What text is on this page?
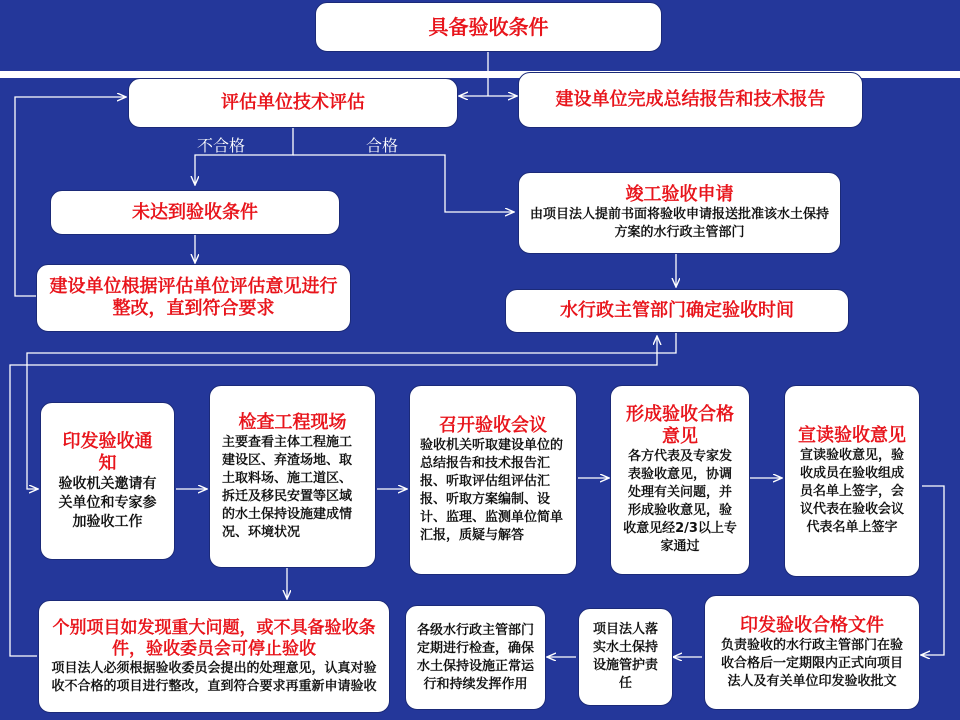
具备验收条件
评估单位技术评估	建设单位完成总结报告和技术报告
不合格	合格
未达到验收条件
建设单位根据评估单位评估意见进行整改，直到符合要求
竣工验收申请
由项目法人提前书面将验收申请报送批准该水土保持方案的水行政主管部门
水行政主管部门确定验收时间
印发验收通知
验收机关邀请有关单位和专家参加验收工作
检查工程现场
主要查看主体工程施工建设区、弃渣场地、取土取料场、施工道区、拆迁及移民安置等区域的水土保持设施建成情况、环境状况
召开验收会议
验收机关听取建设单位的总结报告和技术报告汇报、听取评估组评估汇报、听取方案编制、设计、监理、监测单位简单汇报，质疑与解答
形成验收合格意见
各方代表及专家发表验收意见，协调处理有关问题，并形成验收意见，验收意见经2/3以上专家通过
宣读验收意见
宣读验收意见，验收成员在验收组成员名单上签字，会议代表在验收会议代表名单上签字
印发验收合格文件
负责验收的水行政主管部门在验收合格后一定期限内正式向项目法人及有关单位印发验收批文
项目法人落实水土保持设施管护责任
各级水行政主管部门定期进行检查，确保水土保持设施正常运行和持续发挥作用
个别项目如发现重大问题，或不具备验收条件，验收委员会可停止验收
项目法人必须根据验收委员会提出的处理意见，认真对验收不合格的项目进行整改，直到符合要求再重新申请验收
